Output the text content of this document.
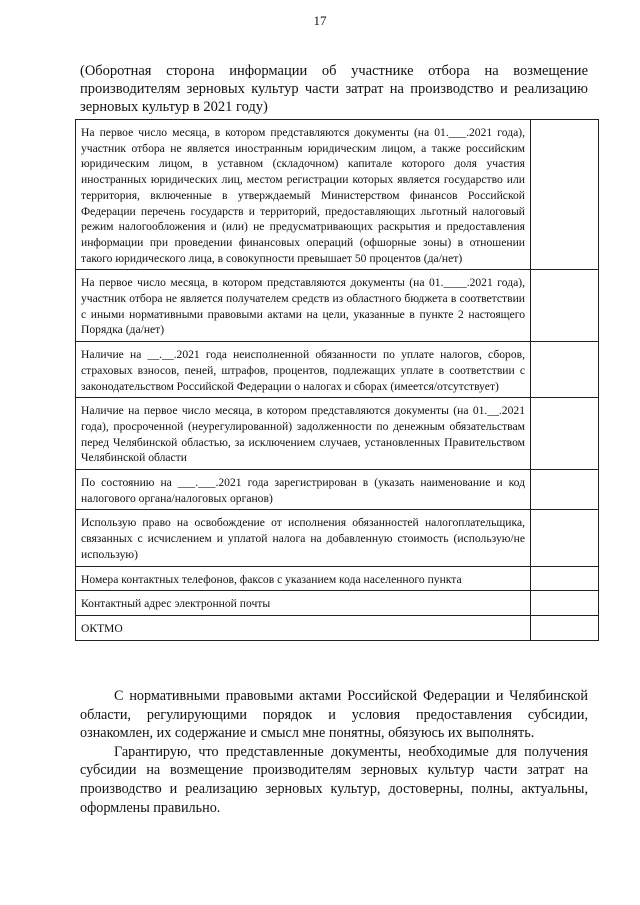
17
(Оборотная сторона информации об участнике отбора на возмещение производителям зерновых культур части затрат на производство и реализацию зерновых культур в 2021 году)
На первое число месяца, в котором представляются документы (на 01.___.2021 года), участник отбора не является иностранным юридическим лицом, а также российским юридическим лицом, в уставном (складочном) капитале которого доля участия иностранных юридических лиц, местом регистрации которых является государство или территория, включенные в утверждаемый Министерством финансов Российской Федерации перечень государств и территорий, предоставляющих льготный налоговый режим налогообложения и (или) не предусматривающих раскрытия и предоставления информации при проведении финансовых операций (офшорные зоны) в отношении такого юридического лица, в совокупности превышает 50 процентов (да/нет)	
На первое число месяца, в котором представляются документы (на 01.____.2021 года), участник отбора не является получателем средств из областного бюджета в соответствии с иными нормативными правовыми актами на цели, указанные в пункте 2 настоящего Порядка (да/нет)	
Наличие на __.__.2021 года неисполненной обязанности по уплате налогов, сборов, страховых взносов, пеней, штрафов, процентов, подлежащих уплате в соответствии с законодательством Российской Федерации о налогах и сборах (имеется/отсутствует)	
Наличие на первое число месяца, в котором представляются документы (на 01.__.2021 года), просроченной (неурегулированной) задолженности по денежным обязательствам перед Челябинской областью, за исключением случаев, установленных Правительством Челябинской области	
По состоянию на ___.___.2021 года зарегистрирован в (указать наименование и код налогового органа/налоговых органов)	
Использую право на освобождение от исполнения обязанностей налогоплательщика, связанных с исчислением и уплатой налога на добавленную стоимость (использую/не использую)	
Номера контактных телефонов, факсов с указанием кода населенного пункта	
Контактный адрес электронной почты	
ОКТМО	

С нормативными правовыми актами Российской Федерации и Челябинской области, регулирующими порядок и условия предоставления субсидии, ознакомлен, их содержание и смысл мне понятны, обязуюсь их выполнять.

Гарантирую, что представленные документы, необходимые для получения субсидии на возмещение производителям зерновых культур части затрат на производство и реализацию зерновых культур, достоверны, полны, актуальны, оформлены правильно.
